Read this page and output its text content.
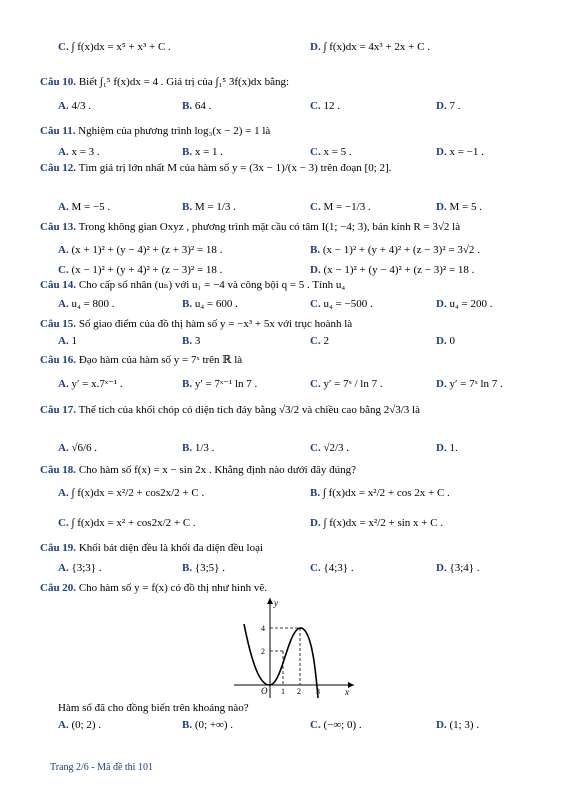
C. ∫ f(x)dx = x⁵ + x³ + C .	D. ∫ f(x)dx = 4x³ + 2x + C .
Câu 10. Biết ∫₁⁵ f(x)dx = 4 . Giá trị của ∫₁⁵ 3f(x)dx bằng:
A. 4/3 .	B. 64 .	C. 12 .	D. 7 .
Câu 11. Nghiệm của phương trình log₃(x − 2) = 1 là
A. x = 3 .	B. x = 1 .	C. x = 5 .	D. x = −1 .
Câu 12. Tìm giá trị lớn nhất M của hàm số y = (3x − 1)/(x − 3) trên đoạn [0; 2].
A. M = −5 .	B. M = 1/3 .	C. M = −1/3 .	D. M = 5 .
Câu 13. Trong không gian Oxyz , phương trình mặt cầu có tâm I(1; −4; 3), bán kính R = 3√2 là
A. (x + 1)² + (y − 4)² + (z + 3)² = 18 .	B. (x − 1)² + (y + 4)² + (z − 3)² = 3√2 .
C. (x − 1)² + (y + 4)² + (z − 3)² = 18 .	D. (x − 1)² + (y − 4)² + (z − 3)² = 18 .
Câu 14. Cho cấp số nhân (uₙ) với u₁ = −4 và công bội q = 5 . Tính u₄
A. u₄ = 800 .	B. u₄ = 600 .	C. u₄ = −500 .	D. u₄ = 200 .
Câu 15. Số giao điểm của đồ thị hàm số y = −x³ + 5x với trục hoành là
A. 1	B. 3	C. 2	D. 0
Câu 16. Đạo hàm của hàm số y = 7ˣ trên ℝ là
A. y′ = x.7ˣ⁻¹ .	B. y′ = 7ˣ⁻¹ ln 7 .	C. y′ = 7ˣ / ln 7 .	D. y′ = 7ˣ ln 7 .
Câu 17. Thể tích của khối chóp có diện tích đáy bằng √3/2 và chiều cao bằng 2√3/3 là
A. √6/6 .	B. 1/3 .	C. √2/3 .	D. 1.
Câu 18. Cho hàm số f(x) = x − sin 2x . Khẳng định nào dưới đây đúng?
A. ∫ f(x)dx = x²/2 + cos2x/2 + C .	B. ∫ f(x)dx = x²/2 + cos 2x + C .
C. ∫ f(x)dx = x² + cos2x/2 + C .	D. ∫ f(x)dx = x²/2 + sin x + C .
Câu 19. Khối bát diện đều là khối đa diện đều loại
A. {3;3} .	B. {3;5} .	C. {4;3} .	D. {3;4} .
Câu 20. Cho hàm số y = f(x) có đồ thị như hình vẽ.
Hàm số đã cho đồng biến trên khoảng nào?
A. (0; 2) .	B. (0; +∞) .	C. (−∞; 0) .	D. (1; 3) .
y
x
O 1 2 3
2
4
Trang 2/6 - Mã đề thi 101
